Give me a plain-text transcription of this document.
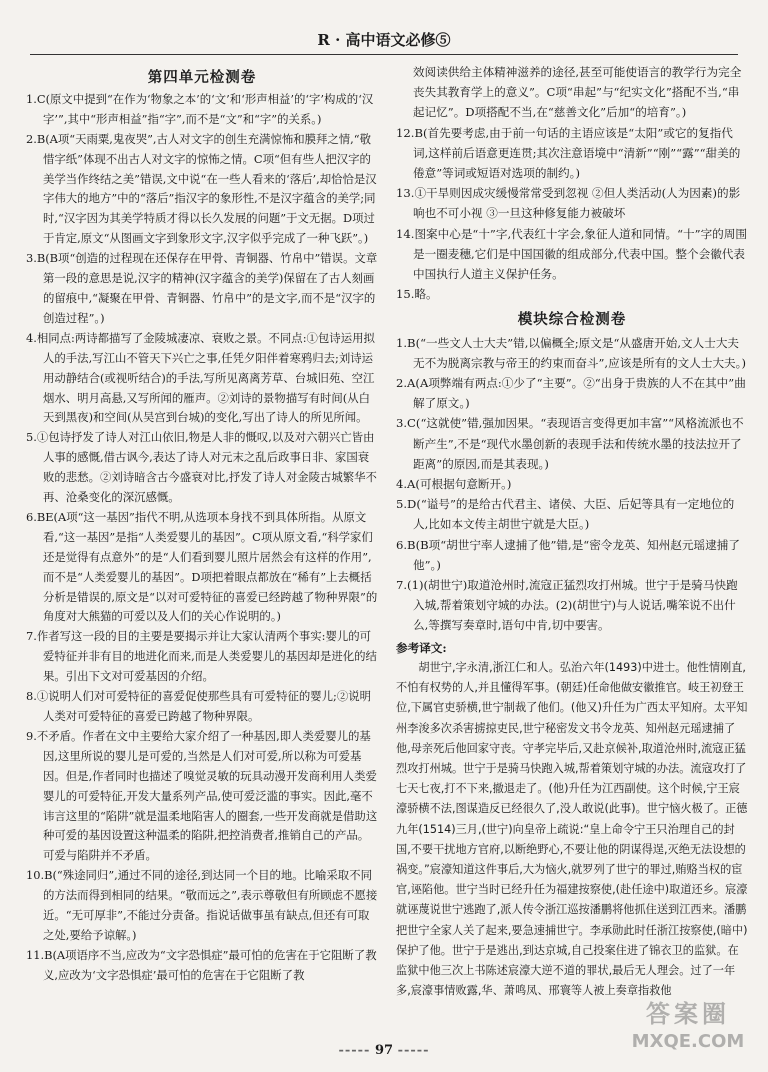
R · 高中语文必修⑤
第四单元检测卷

1.C(原文中提到“在作为‘物象之本’的‘文’和‘形声相益’的‘字’构成的‘汉字’”,其中“形声相益”指“字”,而不是“文”和“字”的关系。)

2.B(A项“天雨粟,鬼夜哭”,古人对文字的创生充满惊怖和膜拜之情,“敬惜字纸”体现不出古人对文字的惊怖之情。C项“但有些人把汉字的美学当作终结之美”错误,文中说“在一些人看来的‘落后’,却恰恰是汉字伟大的地方”中的“落后”指汉字的象形性,不是汉字蕴含的美学;同时,“汉字因为其美学特质才得以长久发展的问题”于文无据。D项过于肯定,原文“从图画文字到象形文字,汉字似乎完成了一种飞跃”。)

3.B(B项“创造的过程现在还保存在甲骨、青铜器、竹帛中”错误。文章第一段的意思是说,汉字的精神(汉字蕴含的美学)保留在了古人刻画的留痕中,“凝聚在甲骨、青铜器、竹帛中”的是文字,而不是“汉字的创造过程”。)

4.相同点:两诗都描写了金陵城凄凉、衰败之景。不同点:①包诗运用拟人的手法,写江山不管天下兴亡之事,任凭夕阳伴着寒鸦归去;刘诗运用动静结合(或视听结合)的手法,写所见离离芳草、台城旧苑、空江烟水、明月高悬,又写所闻的雁声。②刘诗的景物描写有时间(从白天到黑夜)和空间(从吴宫到台城)的变化,写出了诗人的所见所闻。

5.①包诗抒发了诗人对江山依旧,物是人非的慨叹,以及对六朝兴亡皆由人事的感慨,借古讽今,表达了诗人对元末之乱后政事日非、家国衰败的悲愁。②刘诗暗含古今盛衰对比,抒发了诗人对金陵古城繁华不再、沧桑变化的深沉感慨。

6.BE(A项“这一基因”指代不明,从选项本身找不到具体所指。从原文看,“这一基因”是指“人类爱婴儿的基因”。C项从原文看,“科学家们还是觉得有点意外”的是“人们看到婴儿照片居然会有这样的作用”,而不是“人类爱婴儿的基因”。D项把着眼点都放在“稀有”上去概括分析是错误的,原文是“以对可爱特征的喜爱已经跨越了物种界限”的角度对大熊猫的可爱以及人们的关心作说明的。)

7.作者写这一段的目的主要是要揭示并让大家认清两个事实:婴儿的可爱特征并非有目的地进化而来,而是人类爱婴儿的基因却是进化的结果。引出下文对可爱基因的介绍。

8.①说明人们对可爱特征的喜爱促使那些具有可爱特征的婴儿;②说明人类对可爱特征的喜爱已跨越了物种界限。

9.不矛盾。作者在文中主要给大家介绍了一种基因,即人类爱婴儿的基因,这里所说的婴儿是可爱的,当然是人们对可爱,所以称为可爱基因。但是,作者同时也描述了嗅觉灵敏的玩具动漫开发商利用人类爱婴儿的可爱特征,开发大量系列产品,使可爱泛滥的事实。因此,毫不讳言这里的“陷阱”就是温柔地陷害人的圈套,一些开发商就是借助这种可爱的基因设置这种温柔的陷阱,把控消费者,推销自己的产品。可爱与陷阱并不矛盾。

10.B(“殊途同归”,通过不同的途径,到达同一个目的地。比喻采取不同的方法而得到相同的结果。“敬而远之”,表示尊敬但有所顾虑不愿接近。“无可厚非”,不能过分责备。指说话做事虽有缺点,但还有可取之处,要给予谅解。)

11.B(A项语序不当,应改为“文字恐惧症”最可怕的危害在于它阻断了教义,应改为‘文字恐惧症’最可怕的危害在于它阻断了教

效阅读供给主体精神滋养的途径,甚至可能使语言的教学行为完全丧失其教育学上的意义”。C项“串起”与“纪实文化”搭配不当,“串起记忆”。D项搭配不当,在“慈善文化”后加“的培育”。)

12.B(首先要考虑,由于前一句话的主语应该是“太阳”或它的复指代词,这样前后语意更连贯;其次注意语境中“清新”“刚”“露”“甜美的倦意”等词或短语对选项的制约。)

13.①干旱则因成灾缓慢常常受到忽视 ②但人类活动(人为因素)的影响也不可小视 ③一旦这种修复能力被破坏

14.图案中心是“十”字,代表红十字会,象征人道和同情。“十”字的周围是一圈麦穗,它们是中国国徽的组成部分,代表中国。整个会徽代表中国执行人道主义保护任务。

15.略。

模块综合检测卷

1.B(“一些文人士大夫”错,以偏概全;原文是“从盛唐开始,文人士大夫无不为脱离宗教与帝王的约束而奋斗”,应该是所有的文人士大夫。)

2.A(A项弊端有两点:①少了“主要”。②“出身于贵族的人不在其中”曲解了原文。)

3.C(“这就使”错,强加因果。“表现语言变得更加丰富”“风格流派也不断产生”,不是“现代水墨创新的表现手法和传统水墨的技法拉开了距离”的原因,而是其表现。)

4.A(可根据句意断开。)

5.D(“谥号”的是给古代君主、诸侯、大臣、后妃等具有一定地位的人,比如本文传主胡世宁就是大臣。)

6.B(B项“胡世宁率人逮捕了他”错,是“密令龙英、知州赵元瑶逮捕了他”。)

7.(1)(胡世宁)取道沧州时,流寇正猛烈攻打州城。世宁于是骑马快跑入城,帮着策划守城的办法。(2)(胡世宁)与人说话,嘴笨说不出什么,等撰写奏章时,语句中肯,切中要害。

参考译文:

胡世宁,字永清,浙江仁和人。弘治六年(1493)中进士。他性情刚直,不怕有权势的人,并且懂得军事。(朝廷)任命他做安徽推官。岐王初登王位,下属官吏骄横,世宁制裁了他们。(他又)升任为广西太平知府。太平知州李浚多次杀害掳掠吏民,世宁秘密发文书令龙英、知州赵元瑶逮捕了他,母亲死后他回家守丧。守孝完毕后,又赴京候补,取道沧州时,流寇正猛烈攻打州城。世宁于是骑马快跑入城,帮着策划守城的办法。流寇攻打了七天七夜,打不下来,撤退走了。(他)升任为江西副使。这个时候,宁王宸濠骄横不法,图谋造反已经很久了,没人敢说(此事)。世宁恼火极了。正德九年(1514)三月,(世宁)向皇帝上疏说:“皇上命令宁王只治理自己的封国,不要干扰地方官府,以断绝野心,不要让他的阴谋得逞,灭绝无法设想的祸变。”宸濠知道这件事后,大为恼火,就罗列了世宁的罪过,贿赂当权的宦官,诬陷他。世宁当时已经升任为福建按察使,(赴任途中)取道还乡。宸濠就诬蔑说世宁逃跑了,派人传令浙江巡按潘鹏将他抓住送到江西来。潘鹏把世宁全家人关了起来,要急速捕世宁。李承勋此时任浙江按察使,(暗中)保护了他。世宁于是逃出,到达京城,自己投案住进了锦衣卫的监狱。在监狱中他三次上书陈述宸濠大逆不道的罪状,最后无人理会。过了一年多,宸濠事情败露,华、萧鸣凤、邢寰等人被上奏章指救他

----- 97 -----
答案圈
MXQE.COM
